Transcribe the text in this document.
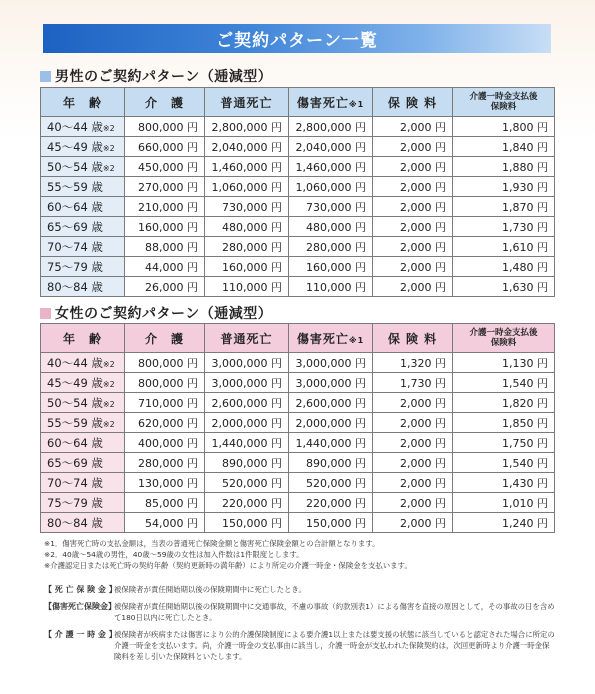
ご契約パターン一覧
男性のご契約パターン（逓減型）
年　齢	介　護	普通死亡	傷害死亡※1	保 険 料	介護一時金支払後
保険料

40～44 歳※2	800,000 円	2,800,000 円	2,800,000 円	2,000 円	1,800 円
45～49 歳※2	660,000 円	2,040,000 円	2,040,000 円	2,000 円	1,840 円
50～54 歳※2	450,000 円	1,460,000 円	1,460,000 円	2,000 円	1,880 円
55～59 歳	270,000 円	1,060,000 円	1,060,000 円	2,000 円	1,930 円
60～64 歳	210,000 円	730,000 円	730,000 円	2,000 円	1,870 円
65～69 歳	160,000 円	480,000 円	480,000 円	2,000 円	1,730 円
70～74 歳	88,000 円	280,000 円	280,000 円	2,000 円	1,610 円
75～79 歳	44,000 円	160,000 円	160,000 円	2,000 円	1,480 円
80～84 歳	26,000 円	110,000 円	110,000 円	2,000 円	1,630 円
女性のご契約パターン（逓減型）
年　齢	介　護	普通死亡	傷害死亡※1	保 険 料	介護一時金支払後
保険料

40～44 歳※2	800,000 円	3,000,000 円	3,000,000 円	1,320 円	1,130 円
45～49 歳※2	800,000 円	3,000,000 円	3,000,000 円	1,730 円	1,540 円
50～54 歳※2	710,000 円	2,600,000 円	2,600,000 円	2,000 円	1,820 円
55～59 歳※2	620,000 円	2,000,000 円	2,000,000 円	2,000 円	1,850 円
60～64 歳	400,000 円	1,440,000 円	1,440,000 円	2,000 円	1,750 円
65～69 歳	280,000 円	890,000 円	890,000 円	2,000 円	1,540 円
70～74 歳	130,000 円	520,000 円	520,000 円	2,000 円	1,430 円
75～79 歳	85,000 円	220,000 円	220,000 円	2,000 円	1,010 円
80～84 歳	54,000 円	150,000 円	150,000 円	2,000 円	1,240 円
※1．傷害死亡時の支払金額は，当表の普通死亡保険金額と傷害死亡保険金額との合計額となります。
※2．40歳～54歳の男性，40歳～59歳の女性は加入件数は1件限度とします。
※介護認定日または死亡時の契約年齢（契約更新時の満年齢）により所定の介護一時金・保険金を支払います。
【 死 亡 保 険 金 】
被保険者が責任開始期以後の保険期間中に死亡したとき。
【傷害死亡保険金】
被保険者が責任開始期以後の保険期間中に交通事故，不慮の事故（約款別表1）による傷害を直接の原因として，その事故の日を含めて180日以内に死亡したとき。
【 介 護 一 時 金 】
被保険者が疾病または傷害により公的介護保険制度による要介護1以上または要支援の状態に該当していると認定された場合に所定の介護一時金を支払います。尚，介護一時金の支払事由に該当し，介護一時金が支払われた保険契約は，次回更新時より介護一時金保険料を差し引いた保険料といたします。
